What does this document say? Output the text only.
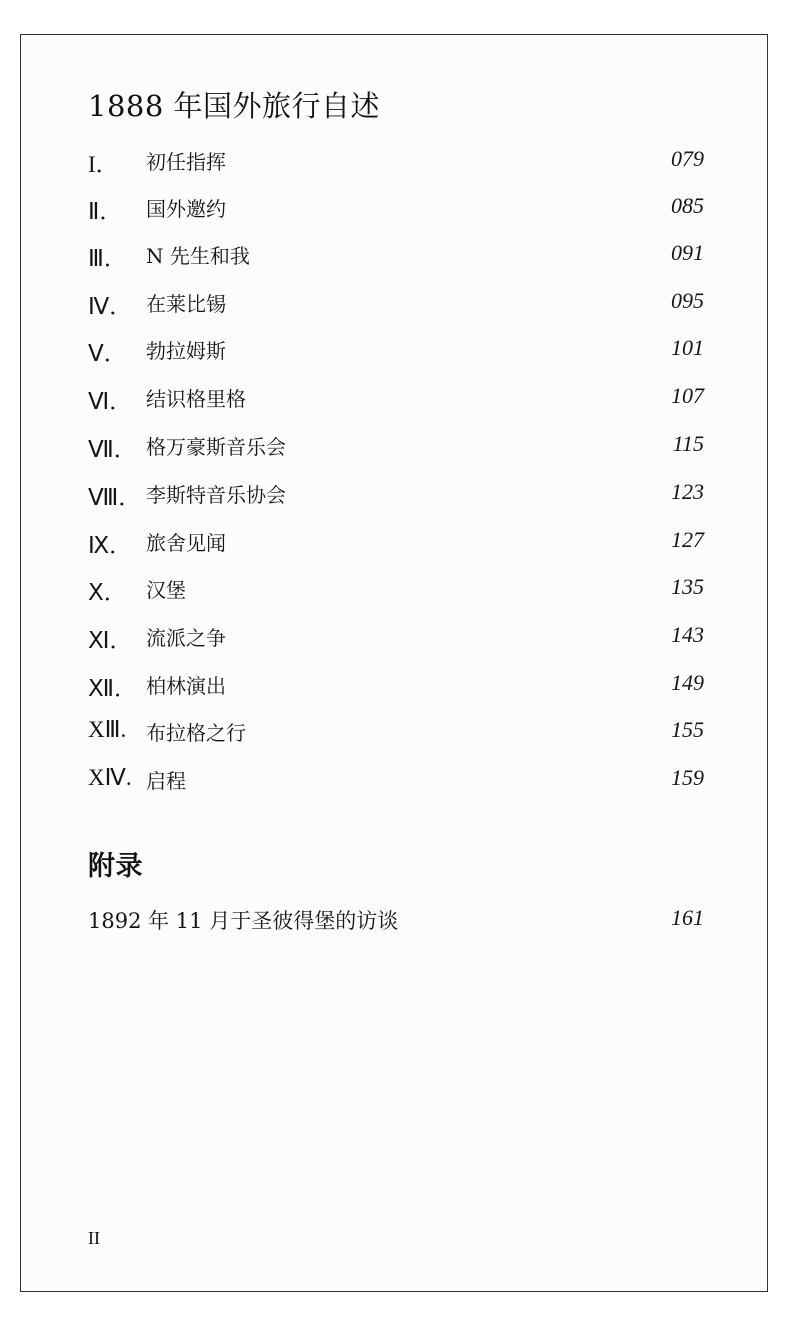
1888 年国外旅行自述
I． 初任指挥	079
Ⅱ． 国外邀约	085
Ⅲ． N 先生和我	091
Ⅳ． 在莱比锡	095
Ⅴ． 勃拉姆斯	101
Ⅵ． 结识格里格	107
Ⅶ． 格万豪斯音乐会	115
Ⅷ． 李斯特音乐协会	123
Ⅸ． 旅舍见闻	127
Ⅹ． 汉堡	135
Ⅺ． 流派之争	143
Ⅻ． 柏林演出	149
XⅢ. 布拉格之行	155
XⅣ. 启程	159
附录
1892 年 11 月于圣彼得堡的访谈	161
II
